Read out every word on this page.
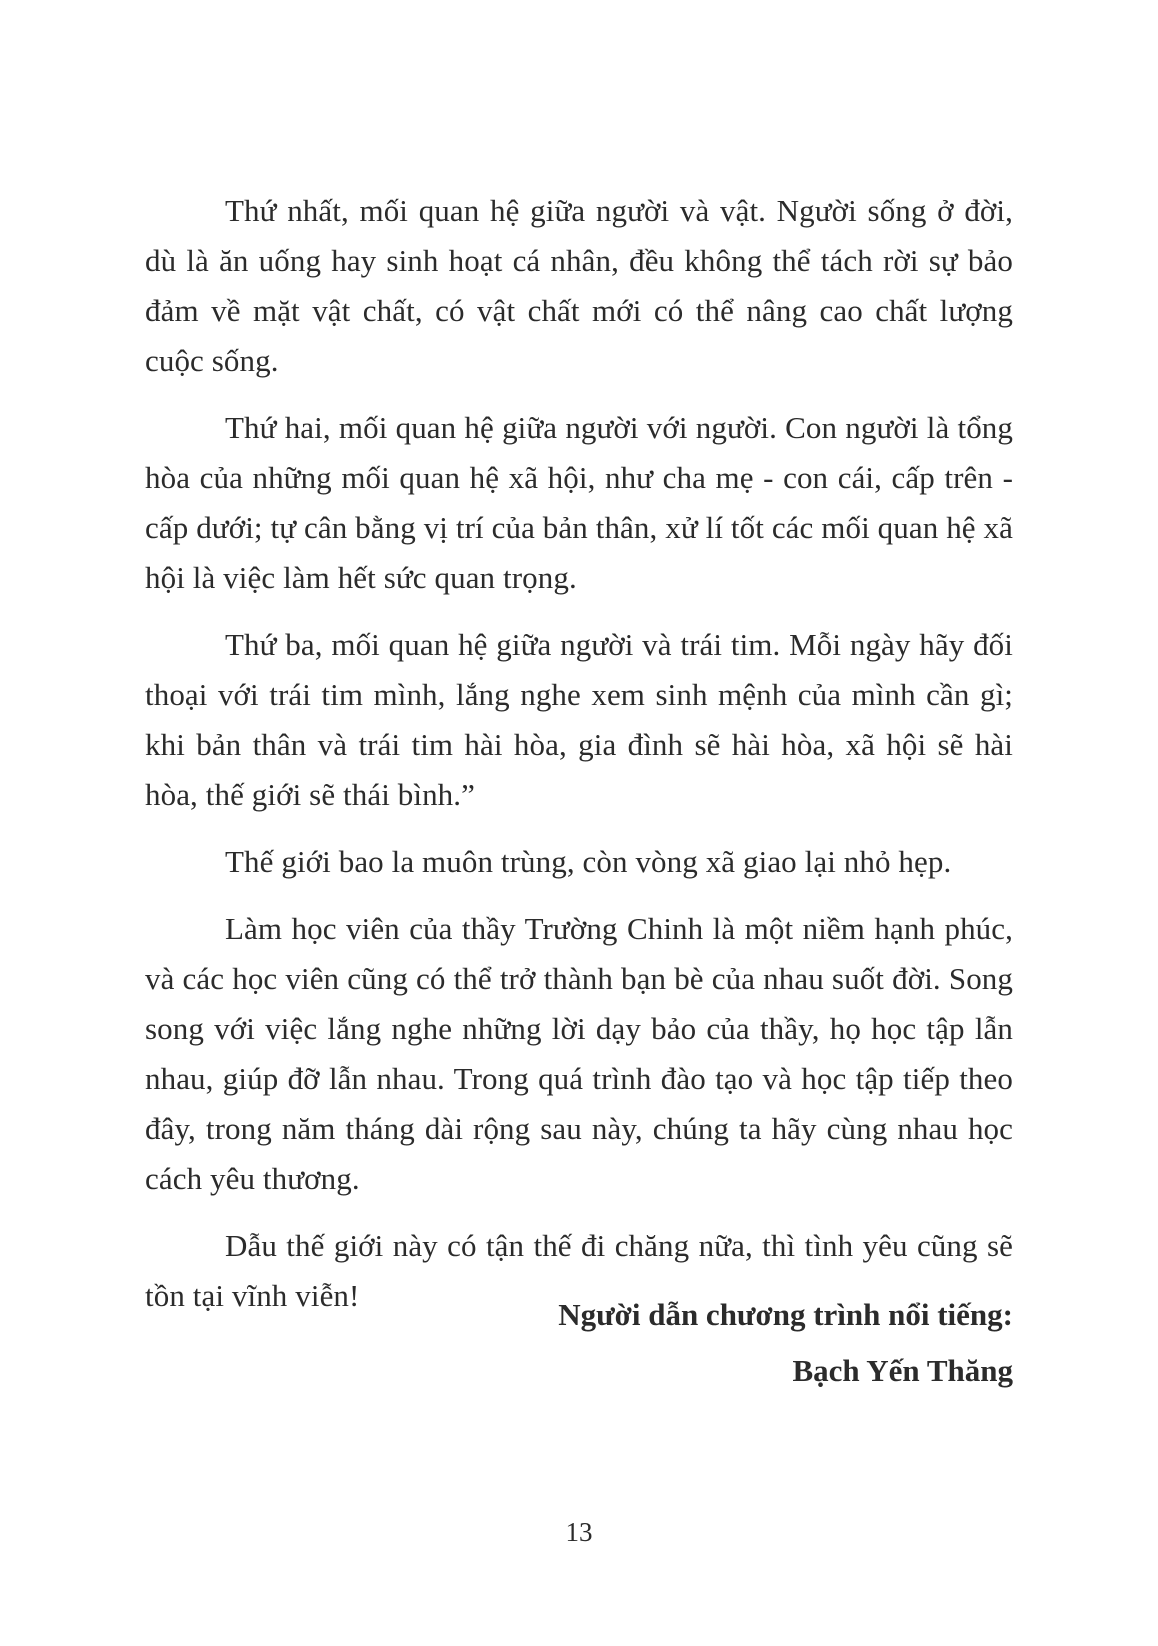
Thứ nhất, mối quan hệ giữa người và vật. Người sống ở đời, dù là ăn uống hay sinh hoạt cá nhân, đều không thể tách rời sự bảo đảm về mặt vật chất, có vật chất mới có thể nâng cao chất lượng cuộc sống.

Thứ hai, mối quan hệ giữa người với người. Con người là tổng hòa của những mối quan hệ xã hội, như cha mẹ - con cái, cấp trên - cấp dưới; tự cân bằng vị trí của bản thân, xử lí tốt các mối quan hệ xã hội là việc làm hết sức quan trọng.

Thứ ba, mối quan hệ giữa người và trái tim. Mỗi ngày hãy đối thoại với trái tim mình, lắng nghe xem sinh mệnh của mình cần gì; khi bản thân và trái tim hài hòa, gia đình sẽ hài hòa, xã hội sẽ hài hòa, thế giới sẽ thái bình.”

Thế giới bao la muôn trùng, còn vòng xã giao lại nhỏ hẹp.

Làm học viên của thầy Trường Chinh là một niềm hạnh phúc, và các học viên cũng có thể trở thành bạn bè của nhau suốt đời. Song song với việc lắng nghe những lời dạy bảo của thầy, họ học tập lẫn nhau, giúp đỡ lẫn nhau. Trong quá trình đào tạo và học tập tiếp theo đây, trong năm tháng dài rộng sau này, chúng ta hãy cùng nhau học cách yêu thương.

Dẫu thế giới này có tận thế đi chăng nữa, thì tình yêu cũng sẽ tồn tại vĩnh viễn!

Người dẫn chương trình nổi tiếng:
Bạch Yến Thăng
13
